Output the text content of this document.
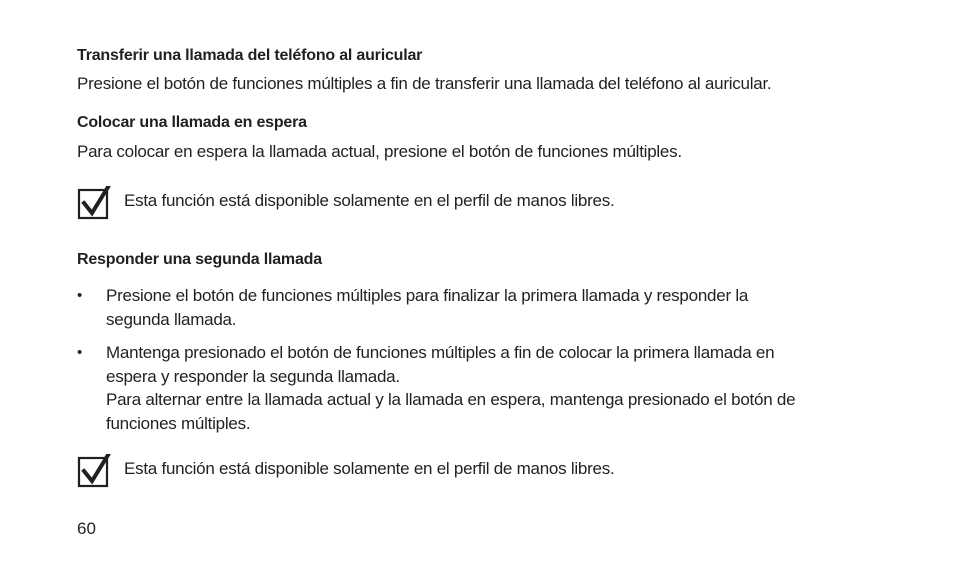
Transferir una llamada del teléfono al auricular
Presione el botón de funciones múltiples a fin de transferir una llamada del teléfono al auricular.
Colocar una llamada en espera
Para colocar en espera la llamada actual, presione el botón de funciones múltiples.
Esta función está disponible solamente en el perfil de manos libres.
Responder una segunda llamada
• Presione el botón de funciones múltiples para finalizar la primera llamada y responder la
segunda llamada.
• Mantenga presionado el botón de funciones múltiples a fin de colocar la primera llamada en
espera y responder la segunda llamada.
Para alternar entre la llamada actual y la llamada en espera, mantenga presionado el botón de
funciones múltiples.
Esta función está disponible solamente en el perfil de manos libres.
60
